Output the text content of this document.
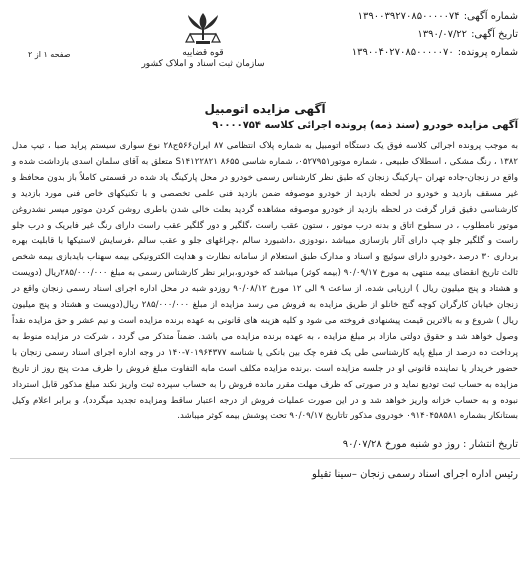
شماره آگهی:۱۳۹۰۰۳۹۲۷۰۸۵۰۰۰۰۰۷۴
تاریخ آگهی:۱۳۹۰/۰۷/۲۲
شماره پرونده:۱۳۹۰۰۴۰۲۷۰۸۵۰۰۰۰۰۷۰
قوه قضاییه
سازمان ثبت اسناد و املاک کشور
صفحه ۱ از ۲
آگهی مزایده اتومبیل
آگهی مزایده خودرو (سند ذمه) پرونده اجرائی کلاسه ۹۰۰۰۰۷۵۴
به موجب پرونده اجرائی کلاسه فوق یک دستگاه اتومبیل به شماره پلاک انتظامی ۸۷ ایران۵۶۶ج۲۸ نوع سواری سیستم پراید صبا ، تیپ مدل ۱۳۸۲ ، رنگ مشکی ، اسطلاک طبیعی ، شماره موتور۰۵۲۷۹۵۱، شماره شاسی ۸۶۵۵ S۱۴۱۲۲۸۲۱ متعلق به آقای سلمان اسدی بازداشت شده و واقع در زنجان-جاده تهران –پارکینگ زنجان که طبق نظر کارشناس رسمی خودرو در محل پارکینگ یاد شده در قسمتی کاملاً باز بدون محافظ و غیر مسقف بازدید و خودرو در لحظه بازدید از خودرو موصوفه ضمن بازدید فنی علمی تخصصی و با تکنیکهای خاص فنی مورد بازدید و کارشناسی دقیق قرار گرفت در لحظه بازدید از خودرو موصوفه مشاهده گردید بعلت خالی شدن باطری روشن کردن موتور میسر نشدروغن موتور نامطلوب ، در سطوح اتاق و بدنه درب موتور ، ستون عقب راست ،گلگیر و دور گلگیر عقب راست دارای رنگ غیر فابریک و درب جلو راست و گلگیر جلو چپ دارای آثار بازسازی میباشد ،نودوزی ،داشبورد سالم ،چراغهای جلو و عقب سالم ،فرسایش لاستیکها با قابلیت بهره برداری ۳۰ درصد ،خودرو دارای سوئیچ و اسناد و مدارک طبق استعلام از سامانه نظارت و هدایت الکترونیکی بیمه سهناب بایدبازی بیمه شخص ثالث تاریخ انقضای بیمه منتهی به مورخ ۹۰/۰۹/۱۷ (بیمه کوثر) میباشد که خودرو،برابر نظر کارشناس رسمی به مبلغ ۲۸۵/۰۰۰/۰۰۰ریال (دویست و هشتاد و پنج میلیون ریال ) ارزیابی شده، از ساعت ۹ الی ۱۲ مورخ ۹۰/۰۸/۱۲ روزدو شبه در محل اداره اجرای اسناد رسمی زنجان واقع در زنجان خیابان کارگران کوچه گنج خانلو از طریق مزایده به فروش می رسد مزایده از مبلغ ۲۸۵/۰۰۰/۰۰۰ ریال(دویست و هشتاد و پنج میلیون ریال ) شروع و به بالاترین قیمت پیشنهادی فروخته می شود و کلیه هزینه های قانونی به عهده برنده مزایده است و نیم عشر و حق مزایده نقداً وصول خواهد شد و حقوق دولتی مازاد بر مبلغ مزایده ، به عهده برنده مزایده می باشد. ضمناً متذکر می گردد ، شرکت در مزایده منوط به پرداخت ده درصد از مبلغ پایه کارشناسی طی یک فقره چک بین بانکی یا شناسه ۷۰۱۹۶۴۳۷۷-۱۴۰ در وجه اداره اجرای اسناد رسمی زنجان با حضور خریدار یا نماینده قانونی او در جلسه مزایده است .برنده مزایده مکلف است مابه التفاوت مبلغ فروش را ظرف مدت پنج روز از تاریخ مزایده به حساب ثبت تودیع نماید و در صورتی که ظرف مهلت مقرر مانده فروش را به حساب سپرده ثبت واریز نکند مبلغ مذکور قابل استرداد نبوده و به حساب خزانه واریز خواهد شد و در این صورت عملیات فروش از درجه اعتبار ساقط ومزایده تجدید میگردد)، و برابر اعلام وکیل بستانکار بشماره ۰۹۱۴۰۴۵۸۵۸۱ خودروی مذکور تاتاریخ ۹۰/۰۹/۱۷ تحت پوشش بیمه کوثر میباشد.
تاریخ انتشار : روز دو شنبه مورخ ۹۰/۰۷/۲۸
رئیس اداره اجرای اسناد رسمی زنجان –سینا تقیلو
